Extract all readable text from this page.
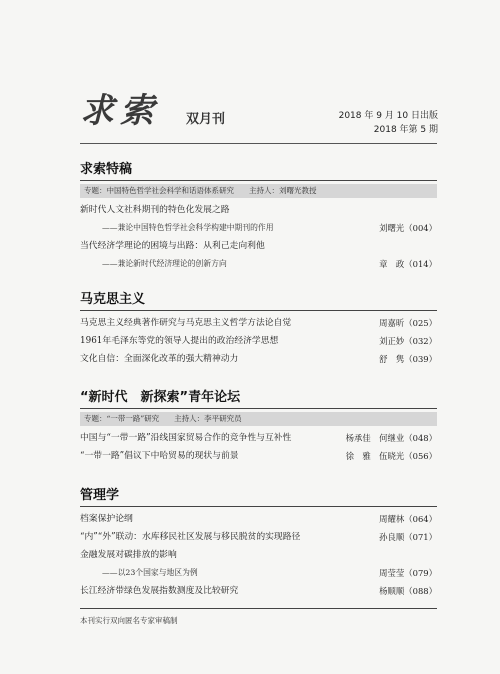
求索 双月刊	2018 年 9 月 10 日出版
2018 年第 5 期
求索特稿
专题：中国特色哲学社会科学和话语体系研究　　主持人：刘曙光教授
新时代人文社科期刊的特色化发展之路
——兼论中国特色哲学社会科学构建中期刊的作用	刘曙光（004）
当代经济学理论的困境与出路：从利己走向利他
——兼论新时代经济理论的创新方向	章　政（014）
马克思主义
马克思主义经典著作研究与马克思主义哲学方法论自觉	周嘉昕（025）
1961年毛泽东等党的领导人提出的政治经济学思想	刘正妙（032）
文化自信：全面深化改革的强大精神动力	舒　隽（039）
“新时代　新探索”青年论坛
专题：“一带一路”研究　　主持人：李平研究员
中国与“一带一路”沿线国家贸易合作的竞争性与互补性	杨承佳　何继业（048）
“一带一路”倡议下中哈贸易的现状与前景	徐　雅　伍晓光（056）
管理学
档案保护论纲	周耀林（064）
“内”“外”联动：水库移民社区发展与移民脱贫的实现路径	孙良顺（071）
金融发展对碳排放的影响
——以23个国家与地区为例	周莹莹（079）
长江经济带绿色发展指数测度及比较研究	杨顺顺（088）
本刊实行双向匿名专家审稿制
